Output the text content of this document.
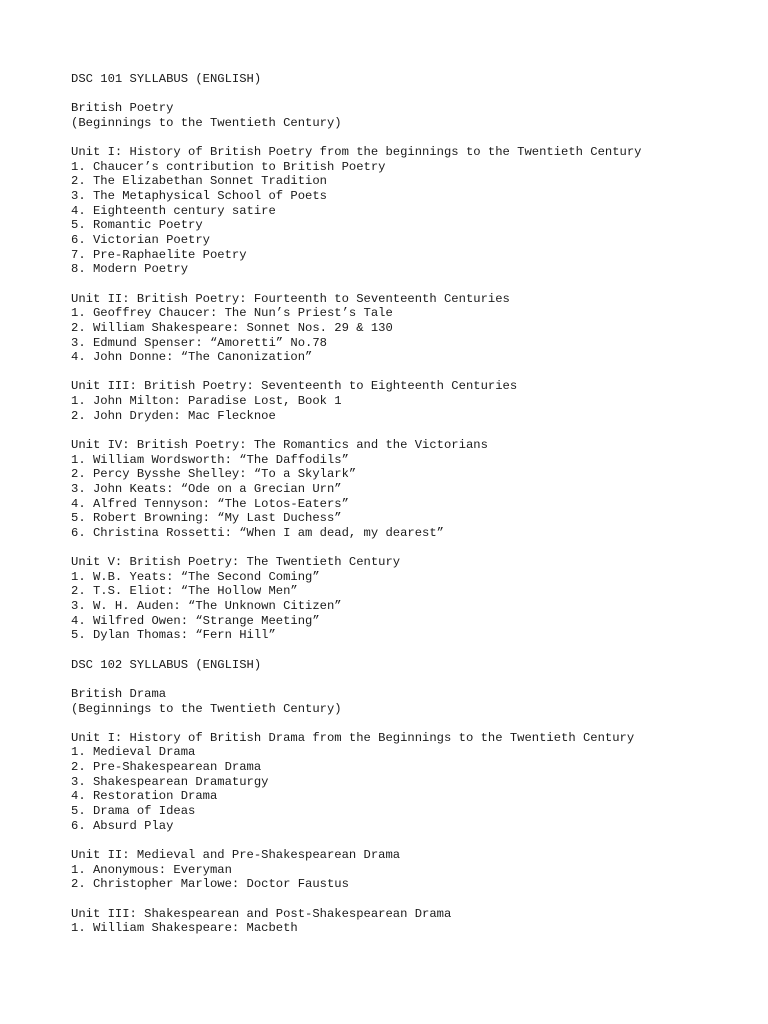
DSC 101 SYLLABUS (ENGLISH)
British Poetry
(Beginnings to the Twentieth Century)
Unit I: History of British Poetry from the beginnings to the Twentieth Century
1. Chaucer’s contribution to British Poetry
2. The Elizabethan Sonnet Tradition
3. The Metaphysical School of Poets
4. Eighteenth century satire
5. Romantic Poetry
6. Victorian Poetry
7. Pre-Raphaelite Poetry
8. Modern Poetry
Unit II: British Poetry: Fourteenth to Seventeenth Centuries
1. Geoffrey Chaucer: The Nun’s Priest’s Tale
2. William Shakespeare: Sonnet Nos. 29 & 130
3. Edmund Spenser: “Amoretti” No.78
4. John Donne: “The Canonization”
Unit III: British Poetry: Seventeenth to Eighteenth Centuries
1. John Milton: Paradise Lost, Book 1
2. John Dryden: Mac Flecknoe
Unit IV: British Poetry: The Romantics and the Victorians
1. William Wordsworth: “The Daffodils”
2. Percy Bysshe Shelley: “To a Skylark”
3. John Keats: “Ode on a Grecian Urn”
4. Alfred Tennyson: “The Lotos-Eaters”
5. Robert Browning: “My Last Duchess”
6. Christina Rossetti: “When I am dead, my dearest”
Unit V: British Poetry: The Twentieth Century
1. W.B. Yeats: “The Second Coming”
2. T.S. Eliot: “The Hollow Men”
3. W. H. Auden: “The Unknown Citizen”
4. Wilfred Owen: “Strange Meeting”
5. Dylan Thomas: “Fern Hill”
DSC 102 SYLLABUS (ENGLISH)
British Drama
(Beginnings to the Twentieth Century)
Unit I: History of British Drama from the Beginnings to the Twentieth Century
1. Medieval Drama
2. Pre-Shakespearean Drama
3. Shakespearean Dramaturgy
4. Restoration Drama
5. Drama of Ideas
6. Absurd Play
Unit II: Medieval and Pre-Shakespearean Drama
1. Anonymous: Everyman
2. Christopher Marlowe: Doctor Faustus
Unit III: Shakespearean and Post-Shakespearean Drama
1. William Shakespeare: Macbeth
